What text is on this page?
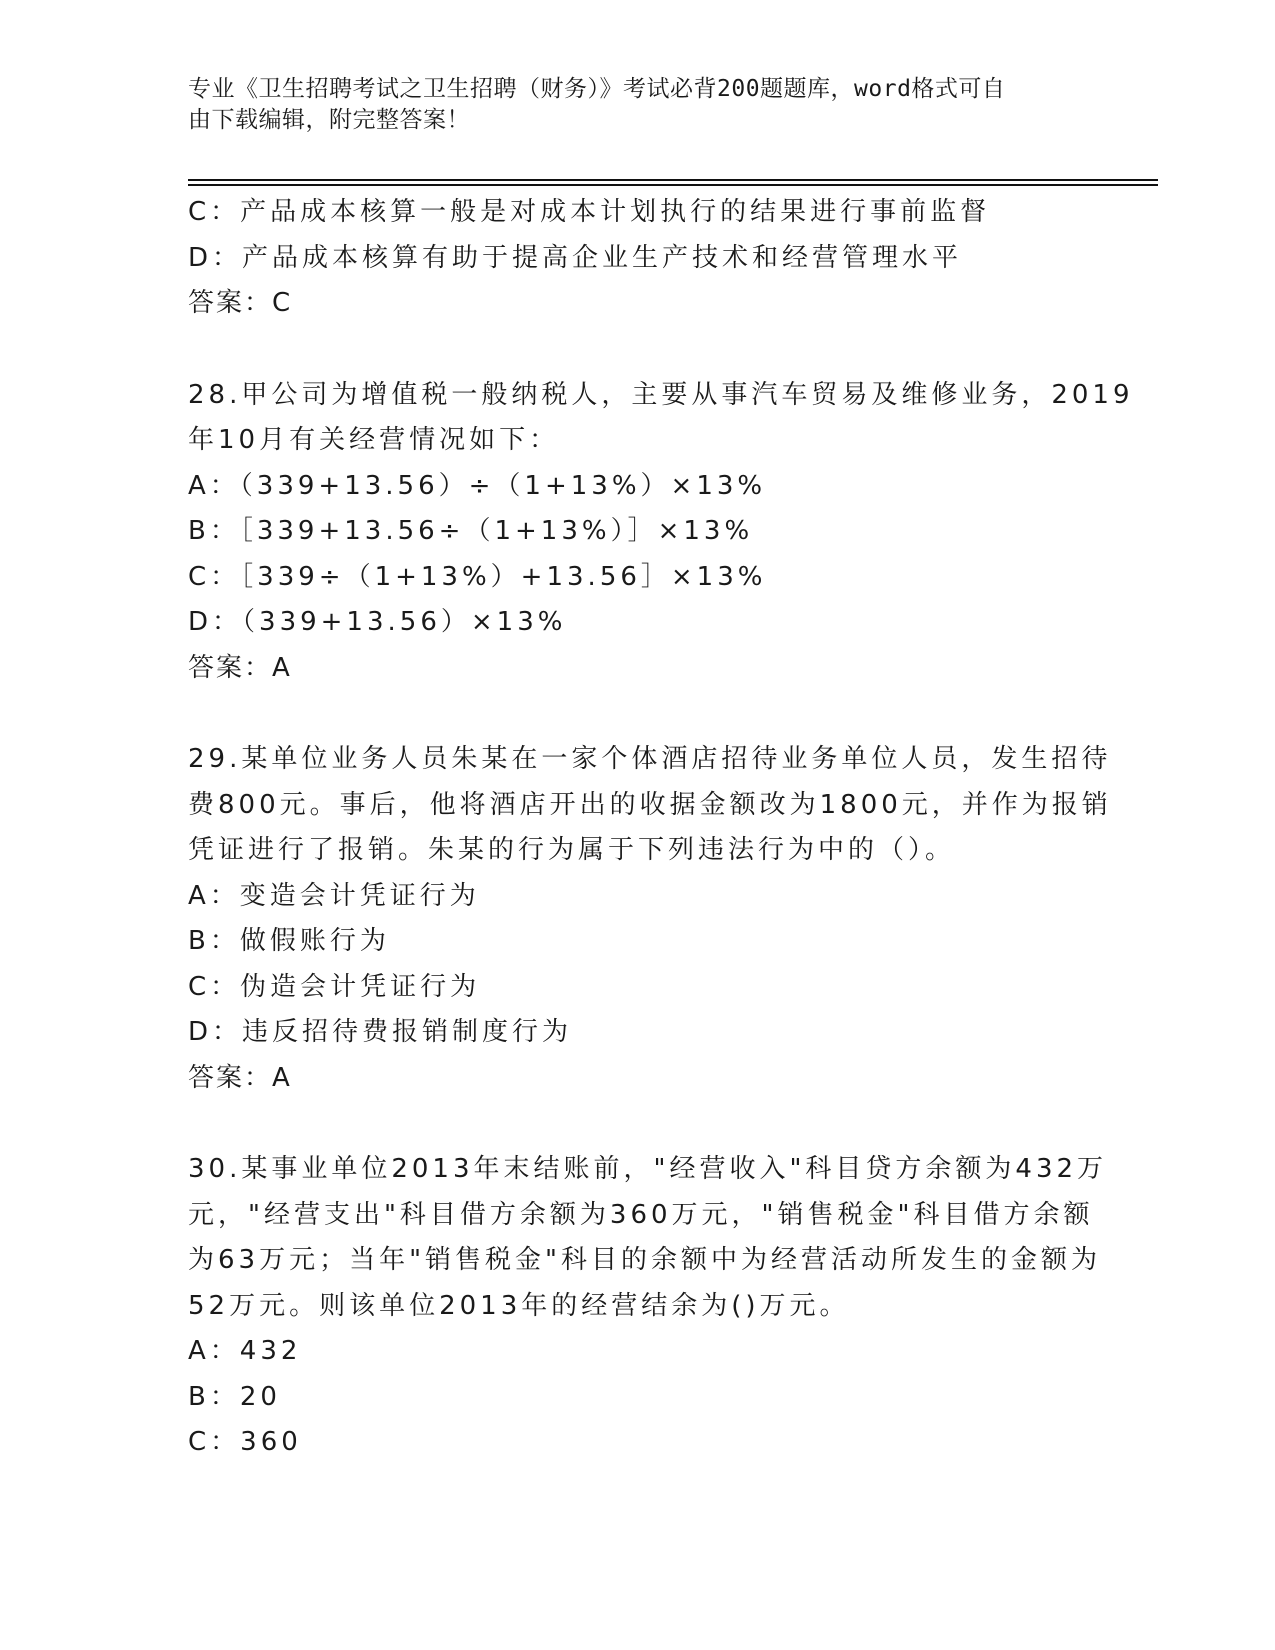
专业《卫生招聘考试之卫生招聘（财务）》考试必背200题题库，word格式可自
由下载编辑，附完整答案！
C：产品成本核算一般是对成本计划执行的结果进行事前监督
D：产品成本核算有助于提高企业生产技术和经营管理水平
答案：C
28.甲公司为增值税一般纳税人，主要从事汽车贸易及维修业务，2019
年10月有关经营情况如下：
A：（339+13.56）÷（1+13%）×13%
B：［339+13.56÷（1+13%）］×13%
C：［339÷（1+13%）+13.56］×13%
D：（339+13.56）×13%
答案：A
29.某单位业务人员朱某在一家个体酒店招待业务单位人员，发生招待
费800元。事后，他将酒店开出的收据金额改为1800元，并作为报销
凭证进行了报销。朱某的行为属于下列违法行为中的（）。
A：变造会计凭证行为
B：做假账行为
C：伪造会计凭证行为
D：违反招待费报销制度行为
答案：A
30.某事业单位2013年末结账前，"经营收入"科目贷方余额为432万
元，"经营支出"科目借方余额为360万元，"销售税金"科目借方余额
为63万元；当年"销售税金"科目的余额中为经营活动所发生的金额为
52万元。则该单位2013年的经营结余为()万元。
A：432
B：20
C：360
